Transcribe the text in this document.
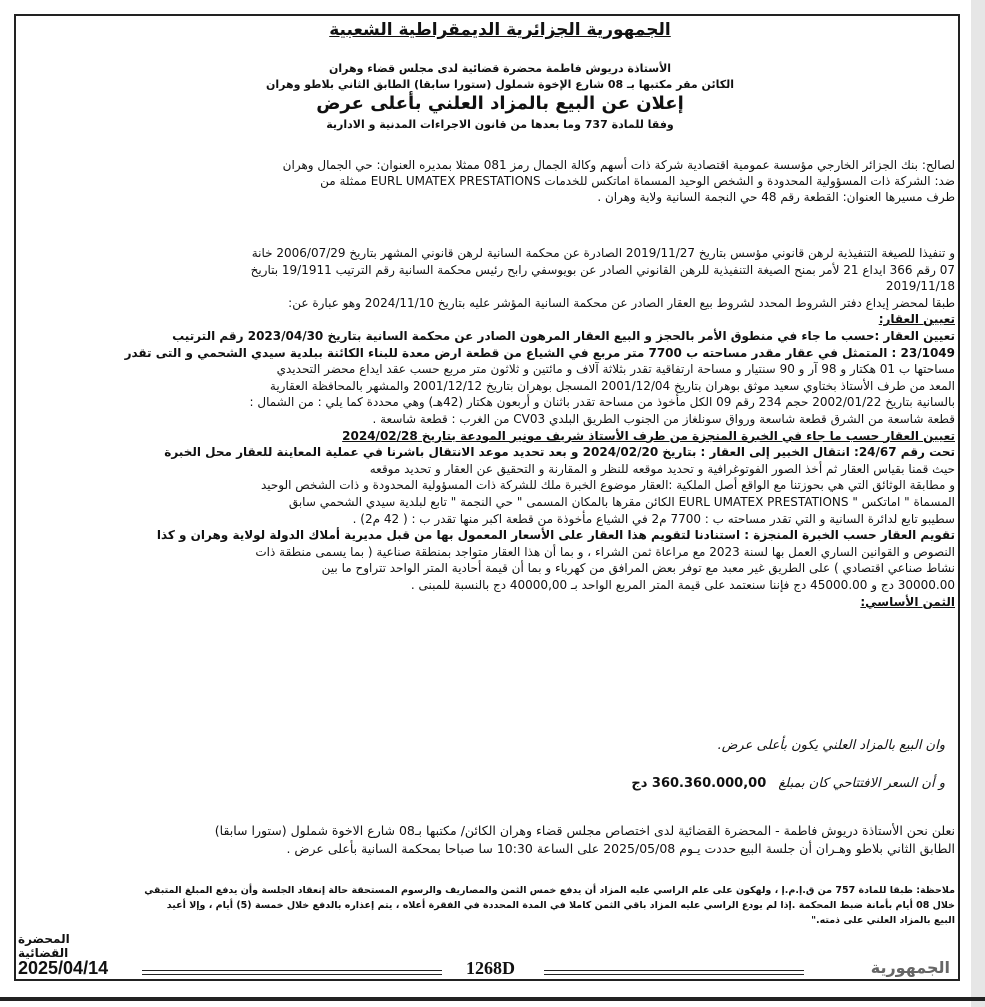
الجمهورية الجزائرية الديمقراطية الشعبية
الأستاذة دريوش فاطمة محضرة قضائية لدى مجلس قضاء وهران
الكائن مقر مكتبها بـ 08 شارع الإخوة شملول (ستورا سابقا) الطابق الثاني بلاطو وهران
إعلان عن البيع بالمزاد العلني بأعلى عرض
وفقا للمادة 737 وما بعدها من قانون الاجراءات المدنية و الادارية
لصالح: بنك الجزائر الخارجي مؤسسة عمومية اقتصادية شركة ذات أسهم وكالة الجمال رمز 081 ممثلا بمديره العنوان: حي الجمال وهران
ضد: الشركة ذات المسؤولية المحدودة و الشخص الوحيد المسماة اماتكس للخدمات EURL UMATEX PRESTATIONS ممثلة من
طرف مسيرها العنوان: القطعة رقم 48 حي النجمة السانية ولاية وهران .
و تنفيذا للصيغة التنفيذية لرهن قانوني مؤسس بتاريخ 2019/11/27 الصادرة عن محكمة السانية لرهن قانوني المشهر بتاريخ 2006/07/29 خانة
07 رقم 366 ايداع 21 لأمر بمنح الصيغة التنفيذية للرهن القانوني الصادر عن بويوسفي رابح رئيس محكمة السانية رقم الترتيب 19/1911 بتاريخ
2019/11/18
طبقا لمحضر إيداع دفتر الشروط المحدد لشروط بيع العقار الصادر عن محكمة السانية المؤشر عليه بتاريخ 2024/11/10 وهو عبارة عن:
تعيين العقار:
تعيين العقار :حسب ما جاء في منطوق الأمر بالحجز و البيع العقار المرهون الصادر عن محكمة السانية بتاريخ 2023/04/30 رقم الترتيب
23/1049 : المتمثل في عقار مقدر مساحته ب 7700 متر مربع في الشياع من قطعة ارض معدة للبناء الكائنة ببلدية سيدي الشحمي و التى تقدر
مساحتها ب 01 هكتار و 98 آر و 90 سنتيار و مساحة ارتفاقية تقدر بثلاثة آلاف و مائتين و ثلاثون متر مربع حسب عقد ايداع محضر التحديدي
المعد من طرف الأستاذ بختاوي سعيد موثق بوهران بتاريخ 2001/12/04 المسجل بوهران بتاريخ 2001/12/12 والمشهر بالمحافظة العقارية
بالسانية بتاريخ 2002/01/22 حجم 234 رقم 09 الكل مأخوذ من مساحة تقدر باثنان و أربعون هكتار (42هـ) وهي محددة كما يلي : من الشمال :
قطعة شاسعة من الشرق قطعة شاسعة ورواق سونلغاز من الجنوب الطريق البلدي CV03 من الغرب : قطعة شاسعة .
تعيين العقار حسب ما جاء في الخبرة المنجزة من طرف الأستاذ شريف مونير المودعة بتاريخ 2024/02/28
تحت رقم 24/67: انتقال الخبير إلى العقار : بتاريخ 2024/02/20 و بعد تحديد موعد الانتقال باشرنا في عملية المعاينة للعقار محل الخبرة
حيث قمنا بقياس العقار ثم أخذ الصور الفوتوغرافية و تحديد موقعه للنظر و المقارنة و التحقيق عن العقار و تحديد موقعه
و مطابقة الوثائق التي هي بحوزتنا مع الواقع أصل الملكية :العقار موضوع الخبرة ملك للشركة ذات المسؤولية المحدودة و ذات الشخص الوحيد
المسماة " اماتكس " EURL UMATEX PRESTATIONS الكائن مقرها بالمكان المسمى " حي النجمة " تابع لبلدية سيدي الشحمي سابق
سطيبو تابع لدائرة السانية و التي تقدر مساحته ب : 7700 م2 في الشياع مأخوذة من قطعة اكبر منها تقدر ب : ( 42 م2) .
تقويم العقار حسب الخبرة المنجزة : استنادنا لتقويم هذا العقار على الأسعار المعمول بها من قبل مديرية أملاك الدولة لولاية وهران و كذا
النصوص و القوانين الساري العمل بها لسنة 2023 مع مراعاة ثمن الشراء ، و بما أن هذا العقار متواجد بمنطقة صناعية ( بما يسمى منطقة ذات
نشاط صناعي اقتصادي ) على الطريق غير معبد مع توفر بعض المرافق من كهرباء و بما أن قيمة أحادية المتر الواحد تتراوح ما بين
30000.00 دج و 45000.00 دج فإننا سنعتمد على قيمة المتر المربع الواحد بـ 40000,00 دج بالنسبة للمبنى .
الثمن الأساسي:
وان البيع بالمزاد العلني يكون بأعلى عرض.
و أن السعر الافتتاحي كان بمبلغ 360.360.000,00 دج
نعلن نحن الأستاذة دريوش فاطمة - المحضرة القضائية لدى اختصاص مجلس قضاء وهران الكائن/ مكتبها بـ08 شارع الاخوة شملول (ستورا سابقا)
الطابق الثاني بلاطو وهـران أن جلسة البيع حددت يـوم 2025/05/08 على الساعة 10:30 سا صباحا بمحكمة السانية بأعلى عرض .
ملاحظة: طبقا للمادة 757 من ق.إ.م.إ ، ولهكون على علم الراسي عليه المزاد أن يدفع خمس الثمن والمصاريف والرسوم المستحقة حالة إنعقاد الجلسة وأن يدفع المبلغ المتبقي
خلال 08 أيام بأمانة ضبط المحكمة .إذا لم يودع الراسي عليه المزاد باقي الثمن كاملا في المدة المحددة في الفقرة أعلاه ، يتم إعذاره بالدفع خلال خمسة (5) أيام ، وإلا أعيد
البيع بالمزاد العلني على ذمته."
المحضرة القضائية
2025/04/14	1268D	الجمهورية
